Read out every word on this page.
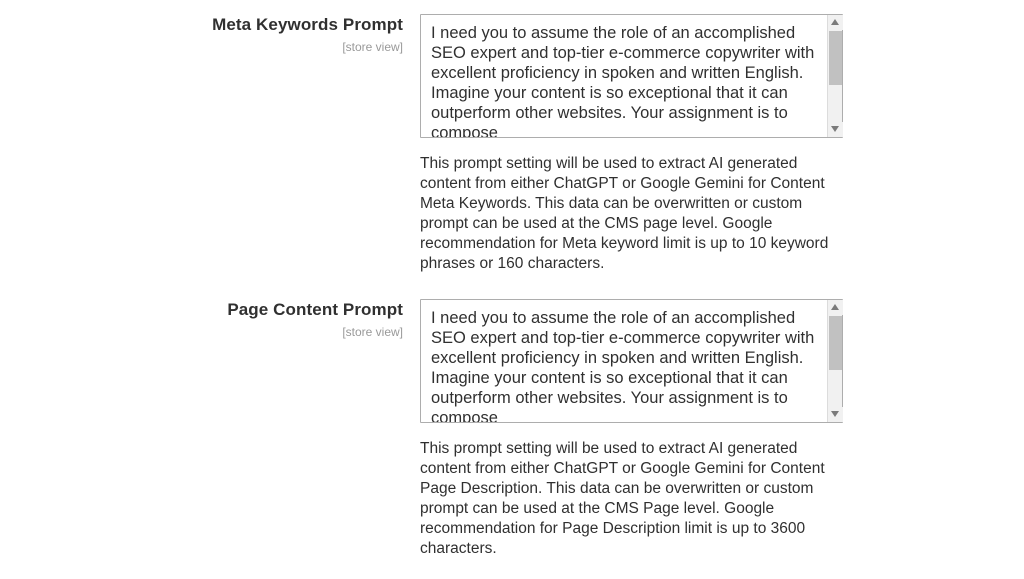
Meta Keywords Prompt
[store view]
I need you to assume the role of an accomplished SEO expert and top-tier e-commerce copywriter with excellent proficiency in spoken and written English. Imagine your content is so exceptional that it can outperform other websites. Your assignment is to compose
This prompt setting will be used to extract AI generated content from either ChatGPT or Google Gemini for Content Meta Keywords. This data can be overwritten or custom prompt can be used at the CMS page level. Google recommendation for Meta keyword limit is up to 10 keyword phrases or 160 characters.
Page Content Prompt
[store view]
I need you to assume the role of an accomplished SEO expert and top-tier e-commerce copywriter with excellent proficiency in spoken and written English. Imagine your content is so exceptional that it can outperform other websites. Your assignment is to compose
This prompt setting will be used to extract AI generated content from either ChatGPT or Google Gemini for Content Page Description. This data can be overwritten or custom prompt can be used at the CMS Page level. Google recommendation for Page Description limit is up to 3600 characters.
